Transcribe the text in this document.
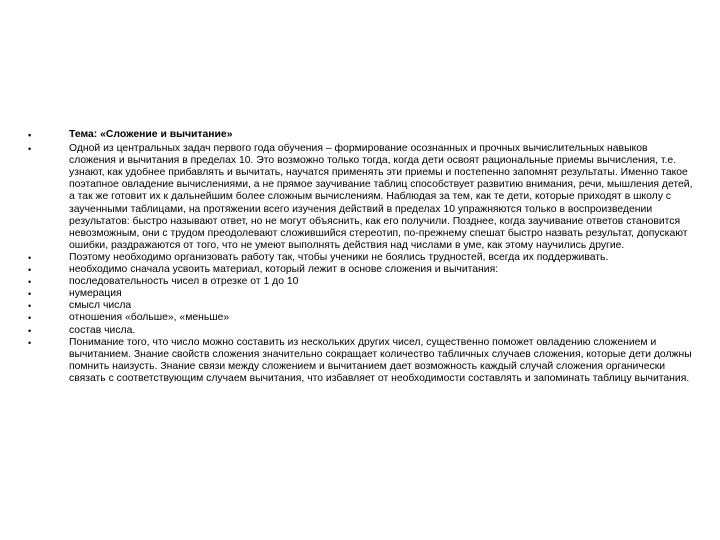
• Тема: «Сложение и вычитание»
• Одной из центральных задач первого года обучения – формирование осознанных и прочных вычислительных навыков сложения и вычитания в пределах 10. Это возможно только тогда, когда дети освоят рациональные приемы вычисления, т.е. узнают, как удобнее прибавлять и вычитать, научатся применять эти приемы и постепенно запомнят результаты. Именно такое поэтапное овладение вычислениями, а не прямое заучивание таблиц способствует развитию внимания, речи, мышления детей, а так же готовит их к дальнейшим более сложным вычислениям. Наблюдая за тем, как те дети, которые приходят в школу с заученными таблицами, на протяжении всего изучения действий в пределах 10 упражняются только в воспроизведении результатов: быстро называют ответ, но не могут объяснить, как его получили. Позднее, когда заучивание ответов становится невозможным, они с трудом преодолевают сложившийся стереотип, по-прежнему спешат быстро назвать результат, допускают ошибки, раздражаются от того, что не умеют выполнять действия над числами в уме, как этому научились другие.
• Поэтому необходимо организовать работу так, чтобы ученики не боялись трудностей, всегда их поддерживать.
• необходимо сначала усвоить материал, который лежит в основе сложения и вычитания:
• последовательность чисел в отрезке от 1 до 10
• нумерация
• смысл числа
• отношения «больше», «меньше»
• состав числа.
• Понимание того, что число можно составить из нескольких других чисел, существенно поможет овладению сложением и вычитанием. Знание свойств сложения значительно сокращает количество табличных случаев сложения, которые дети должны помнить наизусть. Знание связи между сложением и вычитанием дает возможность каждый случай сложения органически связать с соответствующим случаем вычитания, что избавляет от необходимости составлять и запоминать таблицу вычитания.
